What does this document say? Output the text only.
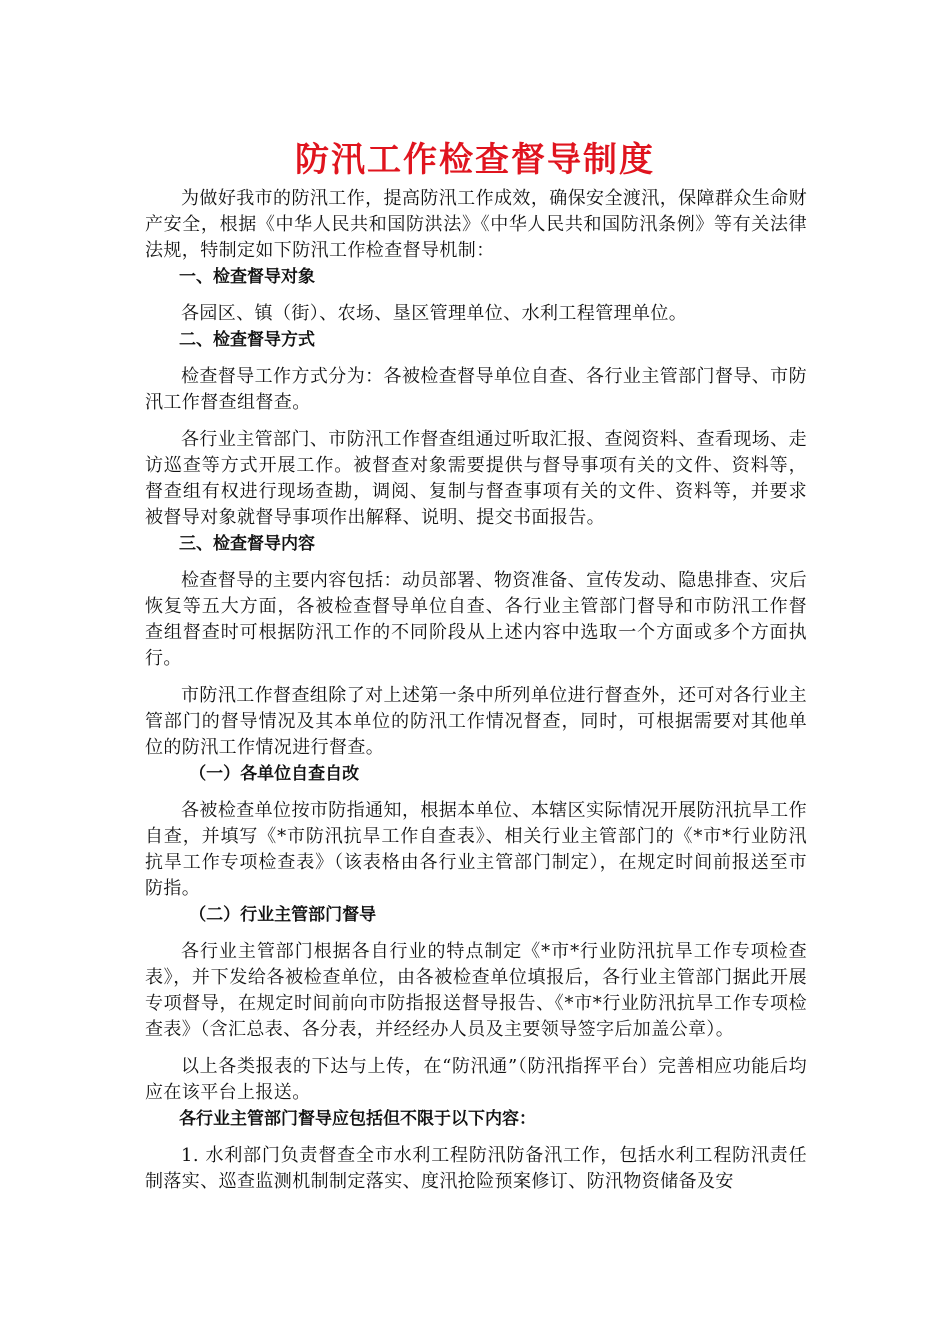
防汛工作检查督导制度

为做好我市的防汛工作，提高防汛工作成效，确保安全渡汛，保障群众生命财产安全，根据《中华人民共和国防洪法》《中华人民共和国防汛条例》等有关法律法规，特制定如下防汛工作检查督导机制：

一、检查督导对象

各园区、镇（街）、农场、垦区管理单位、水利工程管理单位。

二、检查督导方式

检查督导工作方式分为：各被检查督导单位自查、各行业主管部门督导、市防汛工作督查组督查。

各行业主管部门、市防汛工作督查组通过听取汇报、查阅资料、查看现场、走访巡查等方式开展工作。被督查对象需要提供与督导事项有关的文件、资料等，督查组有权进行现场查勘，调阅、复制与督查事项有关的文件、资料等，并要求被督导对象就督导事项作出解释、说明、提交书面报告。

三、检查督导内容

检查督导的主要内容包括：动员部署、物资准备、宣传发动、隐患排查、灾后恢复等五大方面，各被检查督导单位自查、各行业主管部门督导和市防汛工作督查组督查时可根据防汛工作的不同阶段从上述内容中选取一个方面或多个方面执行。

市防汛工作督查组除了对上述第一条中所列单位进行督查外，还可对各行业主管部门的督导情况及其本单位的防汛工作情况督查，同时，可根据需要对其他单位的防汛工作情况进行督查。

（一）各单位自查自改

各被检查单位按市防指通知，根据本单位、本辖区实际情况开展防汛抗旱工作自查，并填写《*市防汛抗旱工作自查表》、相关行业主管部门的《*市*行业防汛抗旱工作专项检查表》（该表格由各行业主管部门制定），在规定时间前报送至市防指。

（二）行业主管部门督导

各行业主管部门根据各自行业的特点制定《*市*行业防汛抗旱工作专项检查表》，并下发给各被检查单位，由各被检查单位填报后，各行业主管部门据此开展专项督导，在规定时间前向市防指报送督导报告、《*市*行业防汛抗旱工作专项检查表》（含汇总表、各分表，并经经办人员及主要领导签字后加盖公章）。

以上各类报表的下达与上传，在“防汛通”（防汛指挥平台）完善相应功能后均应在该平台上报送。

各行业主管部门督导应包括但不限于以下内容：

1. 水利部门负责督查全市水利工程防汛防备汛工作，包括水利工程防汛责任制落实、巡查监测机制制定落实、度汛抢险预案修订、防汛物资储备及安
